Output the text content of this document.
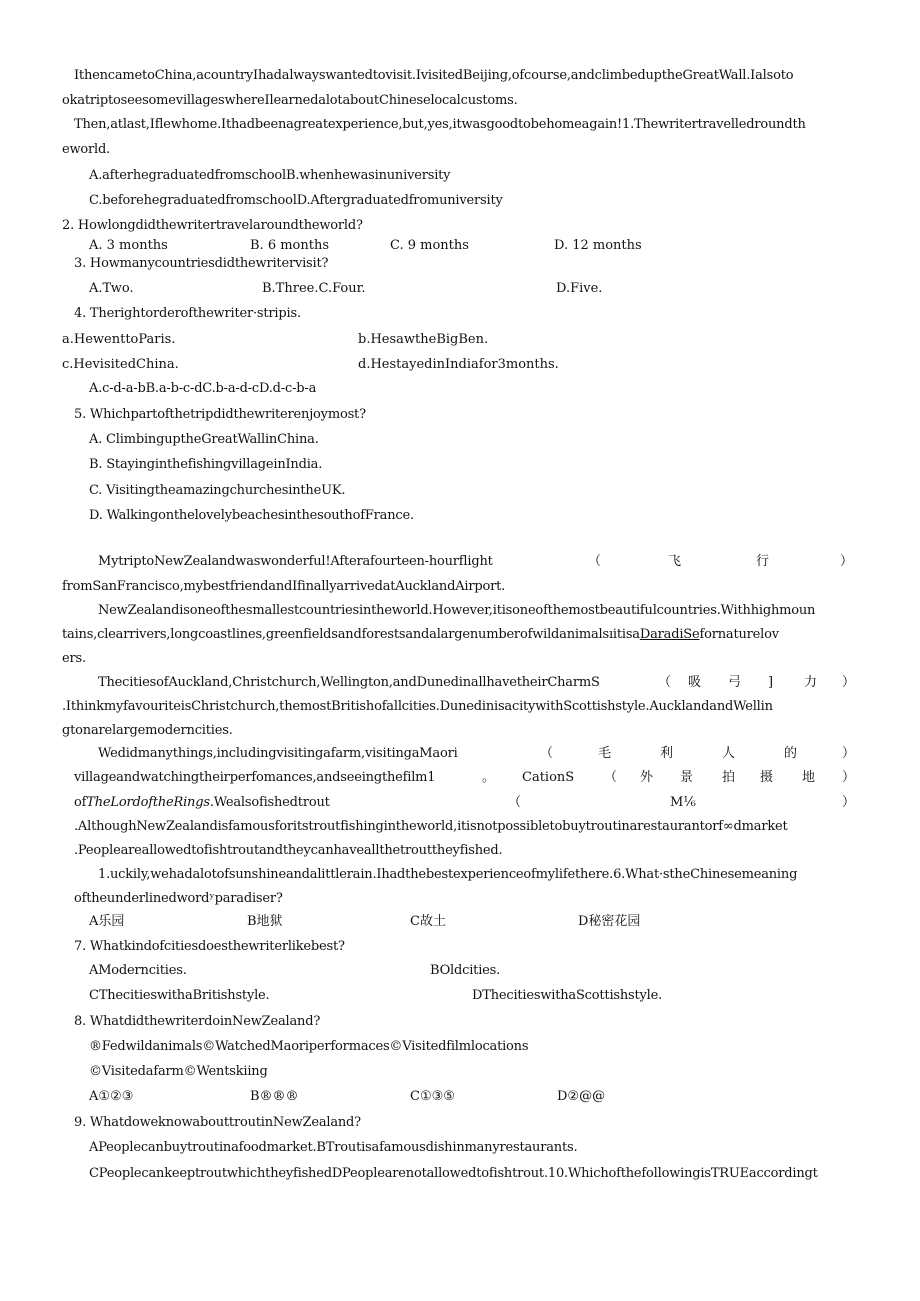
IthencametoChina,acountryIhadalwayswantedtovisit.IvisitedBeijing,ofcourse,andclimbeduptheGreatWall.Ialsoto
okatriptoseesomevillageswhereIlearnedalotaboutChineselocalcustoms.
Then,atlast,Iflewhome.Ithadbeenagreatexperience,but,yes,itwasgoodtobehomeagain!1.Thewritertravelledroundth
eworld.
A.afterhegraduatedfromschoolB.whenhewasinuniversity
C.beforehegraduatedfromschoolD.Aftergraduatedfromuniversity
2. Howlongdidthewritertravelaroundtheworld?
A. 3 months	B. 6 months	C. 9 months	D. 12 months
3. Howmanycountriesdidthewritervisit?
A.Two.	B.Three.C.Four.	D.Five.
4. Therightorderofthewriter·stripis.
a.HewenttoParis.	b.HesawtheBigBen.
c.HevisitedChina.	d.HestayedinIndiafor3months.
A.c-d-a-bB.a-b-c-dC.b-a-d-cD.d-c-b-a
5. Whichpartofthetripdidthewriterenjoymost?
A. ClimbinguptheGreatWallinChina.
B. StayinginthefishingvillageinIndia.
C. VisitingtheamazingchurchesintheUK.
D. WalkingonthelovelybeachesinthesouthofFrance.
MytriptoNewZealandwaswonderful!Afterafourteen-hourflight	（	飞	行	）
fromSanFrancisco,mybestfriendandIfinallyarrivedatAucklandAirport.
NewZealandisoneofthesmallestcountriesintheworld.However,itisoneofthemostbeautifulcountries.Withhighmoun
tains,clearrivers,longcoastlines,greenfieldsandforestsandalargenumberofwildanimalsıitisaDaradiSefornaturelov
ers.
ThecitiesofAuckland,Christchurch,Wellington,andDunedinallhavetheirCharmS	（ 吸 弓 ] 力 ）
.IthinkmyfavouriteisChristchurch,themostBritishofallcities.DunedinisacitywithScottishstyle.AucklandandWellin
gtonarelargemoderncities.
Wedidmanythings,includingvisitingafarm,visitingaMaori	（	毛	利	人	的	）
villageandwatchingtheirperfomances,andseeingthefilm1	。 CationS （ 外 景 拍 摄 地 ）
ofTheLordoftheRings.Wealsofishedtrout	（	M⅙	）
.AlthoughNewZealandisfamousforitstroutfishingintheworld,itisnotpossibletobuytroutinarestaurantorf∞dmarket
.Peopleareallowedtofishtroutandtheycanhaveallthetrouttheyfished.
1.uckily,wehadalotofsunshineandalittlerain.Ihadthebestexperienceofmylifethere.6.What·stheChinesemeaning
oftheunderlinedwordʸparadiser?
A乐园	B地狱	C故土	D秘密花园
7. Whatkindofcitiesdoesthewriterlikebest?
AModerncities.	BOldcities.
CThecitieswithaBritishstyle.	DThecitieswithaScottishstyle.
8. WhatdidthewriterdoinNewZealand?
®Fedwildanimals©WatchedMaoriperformaces©Visitedfilmlocations
©Visitedafarm©Wentskiing
A①②③	B®®®	C①③⑤	D②@@
9. WhatdoweknowabouttroutinNewZealand?
APeoplecanbuytroutinafoodmarket.BTroutisafamousdishinmanyrestaurants.
CPeoplecankeeptroutwhichtheyfishedDPeoplearenotallowedtofishtrout.10.WhichofthefollowingisTRUEaccordingt
